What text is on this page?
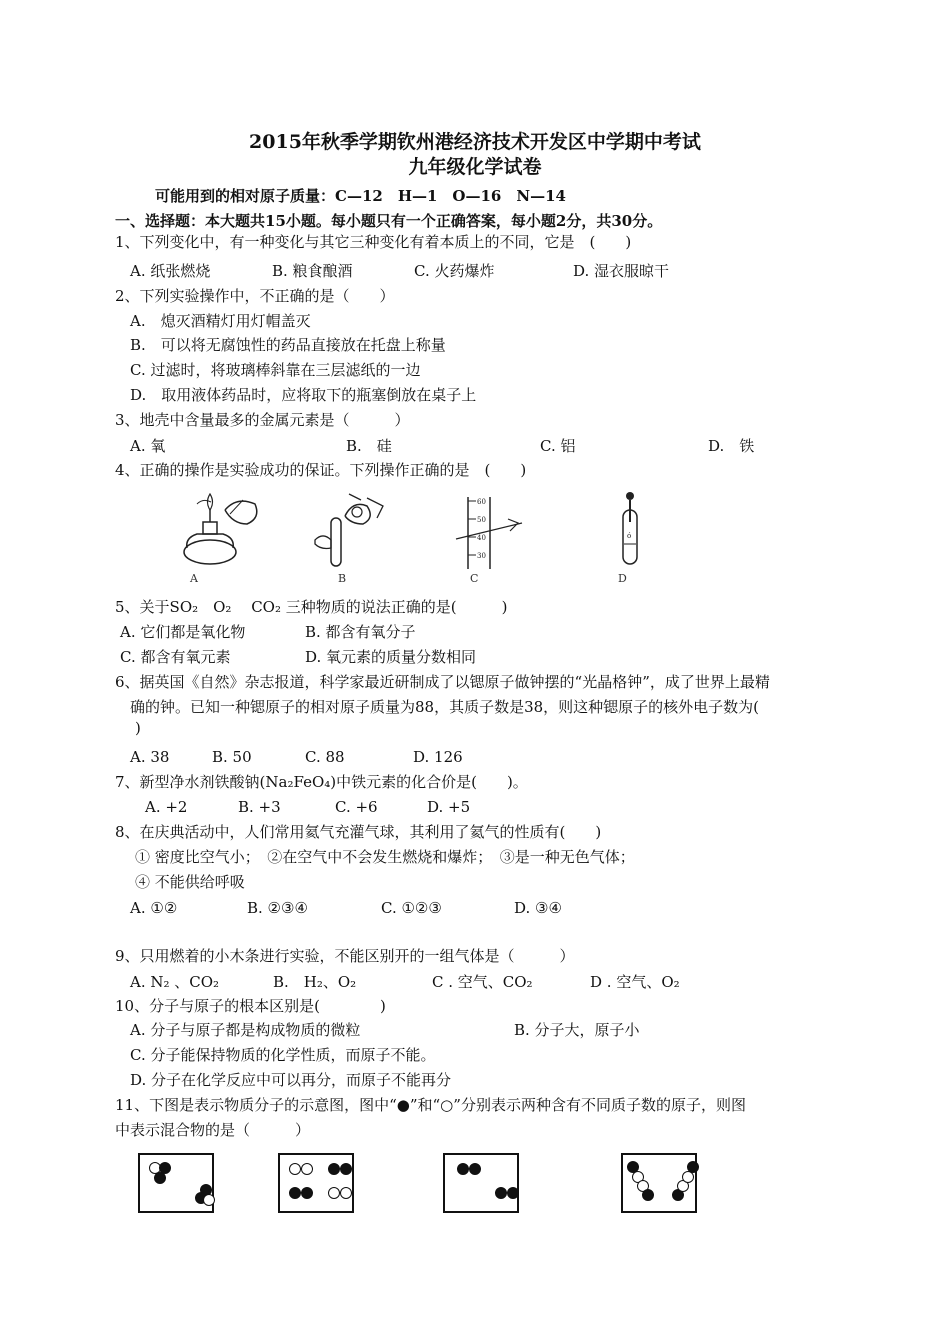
2015年秋季学期钦州港经济技术开发区中学期中考试
九年级化学试卷
可能用到的相对原子质量：C—12　H—1　O—16　N—14
一、选择题：本大题共15小题。每小题只有一个正确答案，每小题2分，共30分。
1、下列变化中，有一种变化与其它三种变化有着本质上的不同，它是　(　　)
A. 纸张燃烧	B. 粮食酿酒	C. 火药爆炸	D. 湿衣服晾干
2、下列实验操作中，不正确的是（　　）
A.　熄灭酒精灯用灯帽盖灭
B.　可以将无腐蚀性的药品直接放在托盘上称量
C. 过滤时，将玻璃棒斜靠在三层滤纸的一边
D.　取用液体药品时，应将取下的瓶塞倒放在桌子上
3、地壳中含量最多的金属元素是（　　　）
A. 氧	B.　硅	C. 铝	D.　铁
4、正确的操作是实验成功的保证。下列操作正确的是　(　　)
A	B
60
50
40
30
C
ó
D
5、关于SO₂　O₂　 CO₂ 三种物质的说法正确的是(　　　)
A. 它们都是氧化物	B. 都含有氧分子
C. 都含有氧元素	D. 氧元素的质量分数相同
6、据英国《自然》杂志报道，科学家最近研制成了以锶原子做钟摆的“光晶格钟”，成了世界上最精
确的钟。已知一种锶原子的相对原子质量为88，其质子数是38，则这种锶原子的核外电子数为(
)
A. 38	B. 50	C. 88	D. 126
7、新型净水剂铁酸钠(Na₂FeO₄)中铁元素的化合价是(　　)。
A. +2	B. +3	C. +6	D. +5
8、在庆典活动中，人们常用氦气充灌气球，其利用了氦气的性质有(　　)
① 密度比空气小；　②在空气中不会发生燃烧和爆炸；　③是一种无色气体；
④ 不能供给呼吸
A. ①②	B. ②③④	C. ①②③	D. ③④
9、只用燃着的小木条进行实验，不能区别开的一组气体是（　　　）
A. N₂ 、CO₂	B.　H₂、O₂	C . 空气、CO₂	D . 空气、O₂
10、分子与原子的根本区别是(　　　　)
A. 分子与原子都是构成物质的微粒	B. 分子大，原子小
C. 分子能保持物质的化学性质，而原子不能。
D. 分子在化学反应中可以再分，而原子不能再分
11、下图是表示物质分子的示意图，图中“●”和“○”分别表示两种含有不同质子数的原子，则图
中表示混合物的是（　　　）
